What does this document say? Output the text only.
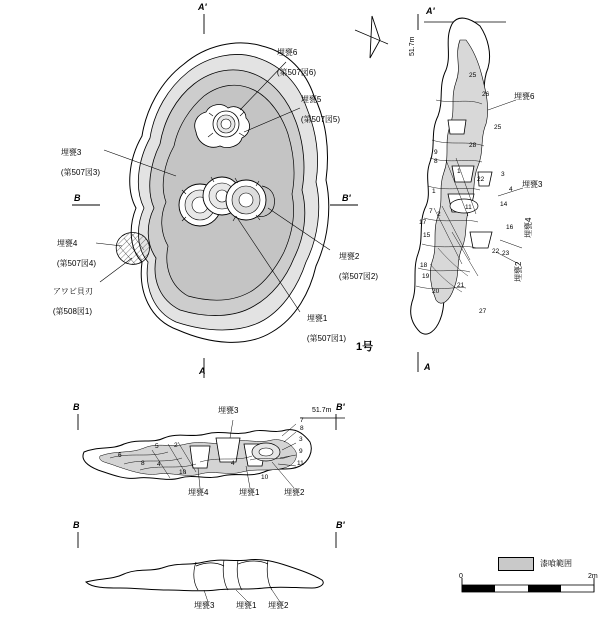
A'
A
B	B'

埋甕6

(第507図6)

埋甕5

(第507図5)

埋甕3

(第507図3)

埋甕4

(第507図4)

アワビ貝刃

(第508図1)

埋甕2

(第507図2)

埋甕1

(第507図1)

1号
A'
A
51.7m
埋甕6
埋甕3
埋甕4
埋甕2
25
26
25
28
9
8
1
22
3
4
1
7 2
11	14
16
17
15
22 23
18
19
20
21
27
B	B'
51.7m
埋甕3
埋甕4	埋甕1	埋甕2
6
5 2
8 4
10
4
10
7
8
3
9
11
B	B'
埋甕3	埋甕1 埋甕2
漆喰範囲
0	2m
